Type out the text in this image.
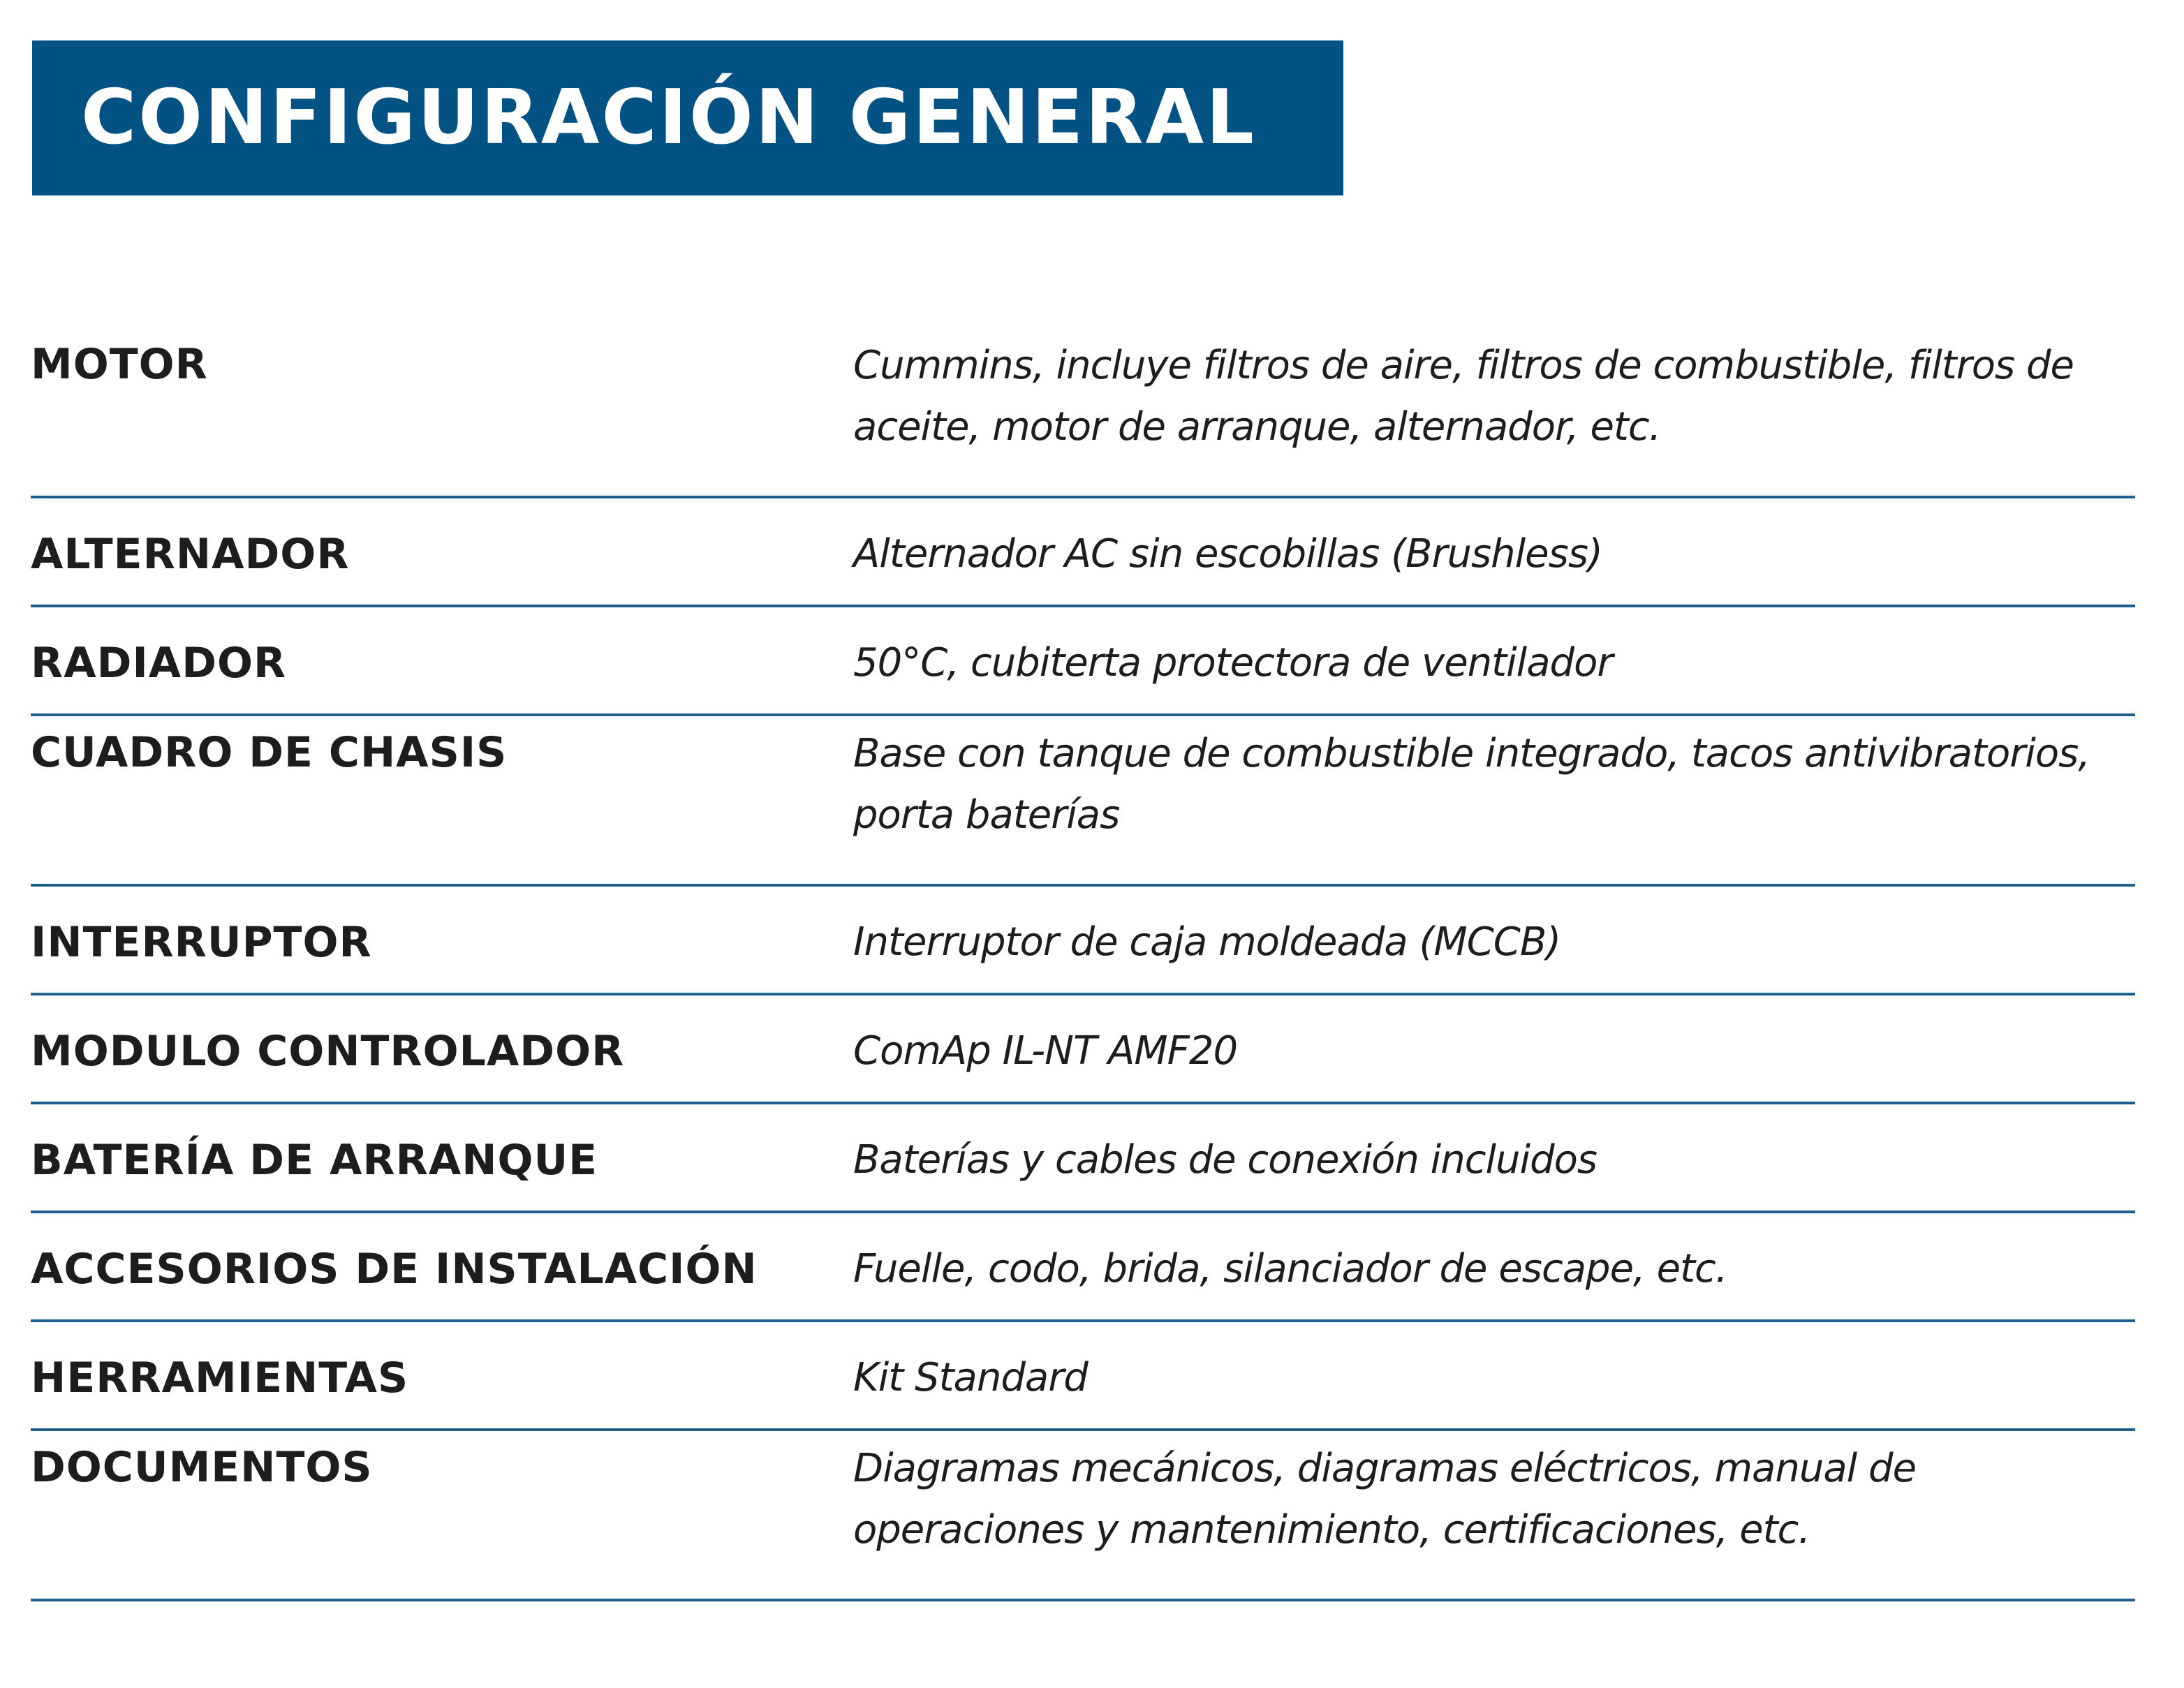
CONFIGURACIÓN GENERAL
MOTOR	Cummins, incluye filtros de aire, filtros de combustible, filtros de aceite, motor de arranque, alternador, etc.
ALTERNADOR	Alternador AC sin escobillas (Brushless)
RADIADOR	50°C, cubiterta protectora de ventilador
CUADRO DE CHASIS	Base con tanque de combustible integrado, tacos antivibratorios, porta baterías
INTERRUPTOR	Interruptor de caja moldeada (MCCB)
MODULO CONTROLADOR	ComAp IL-NT AMF20
BATERÍA DE ARRANQUE	Baterías y cables de conexión incluidos
ACCESORIOS DE INSTALACIÓN	Fuelle, codo, brida, silanciador de escape, etc.
HERRAMIENTAS	Kit Standard
DOCUMENTOS	Diagramas mecánicos, diagramas eléctricos, manual de operaciones y mantenimiento, certificaciones, etc.
